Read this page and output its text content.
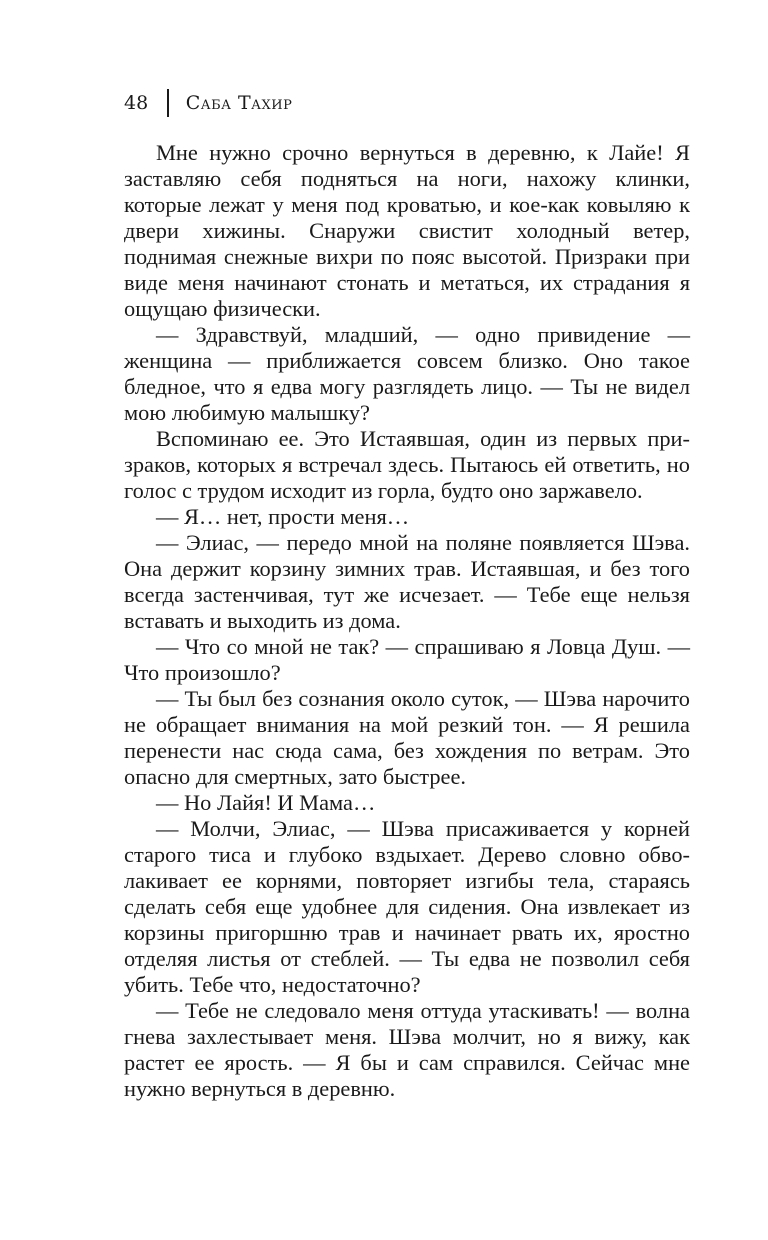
48 Саба Тахир

Мне нужно срочно вернуться в деревню, к Лайе! Я заставляю себя подняться на ноги, нахожу клинки, которые лежат у меня под кроватью, и кое-как ковыляю к двери хижины. Снаружи свистит холодный ветер, поднимая снежные вихри по пояс высотой. Призраки при виде меня начинают стонать и метаться, их страдания я ощущаю физически.

— Здравствуй, младший, — одно привидение — женщина — приближается совсем близко. Оно такое бледное, что я едва могу разглядеть лицо. — Ты не видел мою любимую малышку?

Вспоминаю ее. Это Истаявшая, один из первых призраков, которых я встречал здесь. Пытаюсь ей ответить, но голос с трудом исходит из горла, будто оно заржавело.

— Я… нет, прости меня…

— Элиас, — передо мной на поляне появляется Шэва. Она держит корзину зимних трав. Истаявшая, и без того всегда застенчивая, тут же исчезает. — Тебе еще нельзя вставать и выходить из дома.

— Что со мной не так? — спрашиваю я Ловца Душ. — Что произошло?

— Ты был без сознания около суток, — Шэва нарочито не обращает внимания на мой резкий тон. — Я решила перенести нас сюда сама, без хождения по ветрам. Это опасно для смертных, зато быстрее.

— Но Лайя! И Мама…

— Молчи, Элиас, — Шэва присаживается у корней старого тиса и глубоко вздыхает. Дерево словно обволакивает ее корнями, повторяет изгибы тела, стараясь сделать себя еще удобнее для сидения. Она извлекает из корзины пригоршню трав и начинает рвать их, яростно отделяя листья от стеблей. — Ты едва не позволил себя убить. Тебе что, недостаточно?

— Тебе не следовало меня оттуда утаскивать! — волна гнева захлестывает меня. Шэва молчит, но я вижу, как растет ее ярость. — Я бы и сам справился. Сейчас мне нужно вернуться в деревню.
